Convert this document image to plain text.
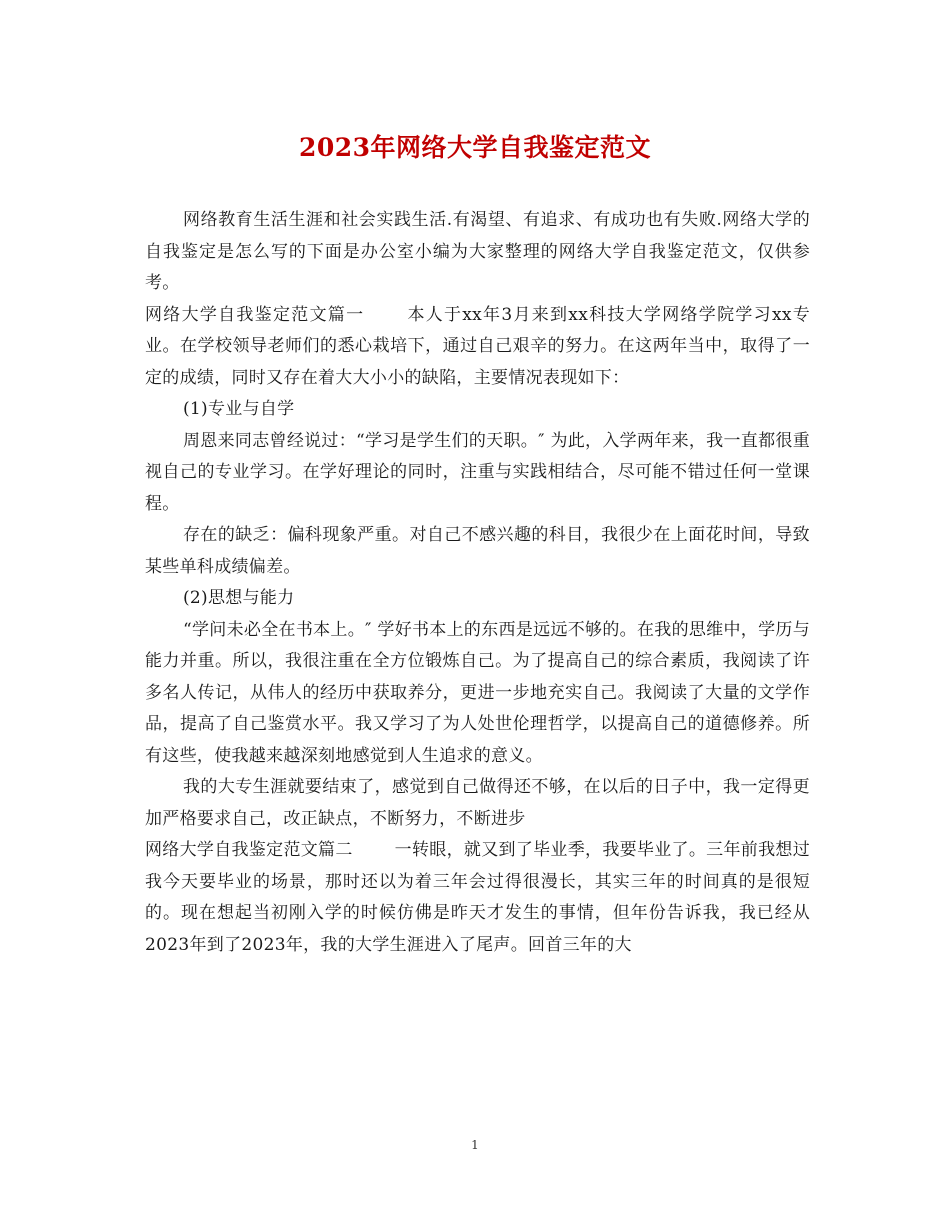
2023年网络大学自我鉴定范文

网络教育生活生涯和社会实践生活.有渴望、有追求、有成功也有失败.网络大学的自我鉴定是怎么写的下面是办公室小编为大家整理的网络大学自我鉴定范文，仅供参考。

网络大学自我鉴定范文篇一 本人于xx年3月来到xx科技大学网络学院学习xx专业。在学校领导老师们的悉心栽培下，通过自己艰辛的努力。在这两年当中，取得了一定的成绩，同时又存在着大大小小的缺陷，主要情况表现如下：

(1)专业与自学

周恩来同志曾经说过：“学习是学生们的天职。″ 为此，入学两年来，我一直都很重视自己的专业学习。在学好理论的同时，注重与实践相结合，尽可能不错过任何一堂课程。

存在的缺乏：偏科现象严重。对自己不感兴趣的科目，我很少在上面花时间，导致某些单科成绩偏差。

(2)思想与能力

“学问未必全在书本上。″ 学好书本上的东西是远远不够的。在我的思维中，学历与能力并重。所以，我很注重在全方位锻炼自己。为了提高自己的综合素质，我阅读了许多名人传记，从伟人的经历中获取养分，更进一步地充实自己。我阅读了大量的文学作品，提高了自己鉴赏水平。我又学习了为人处世伦理哲学，以提高自己的道德修养。所有这些，使我越来越深刻地感觉到人生追求的意义。

我的大专生涯就要结束了，感觉到自己做得还不够，在以后的日子中，我一定得更加严格要求自己，改正缺点，不断努力，不断进步

网络大学自我鉴定范文篇二 一转眼，就又到了毕业季，我要毕业了。三年前我想过我今天要毕业的场景，那时还以为着三年会过得很漫长，其实三年的时间真的是很短的。现在想起当初刚入学的时候仿佛是昨天才发生的事情，但年份告诉我，我已经从2023年到了2023年，我的大学生涯进入了尾声。回首三年的大

1
